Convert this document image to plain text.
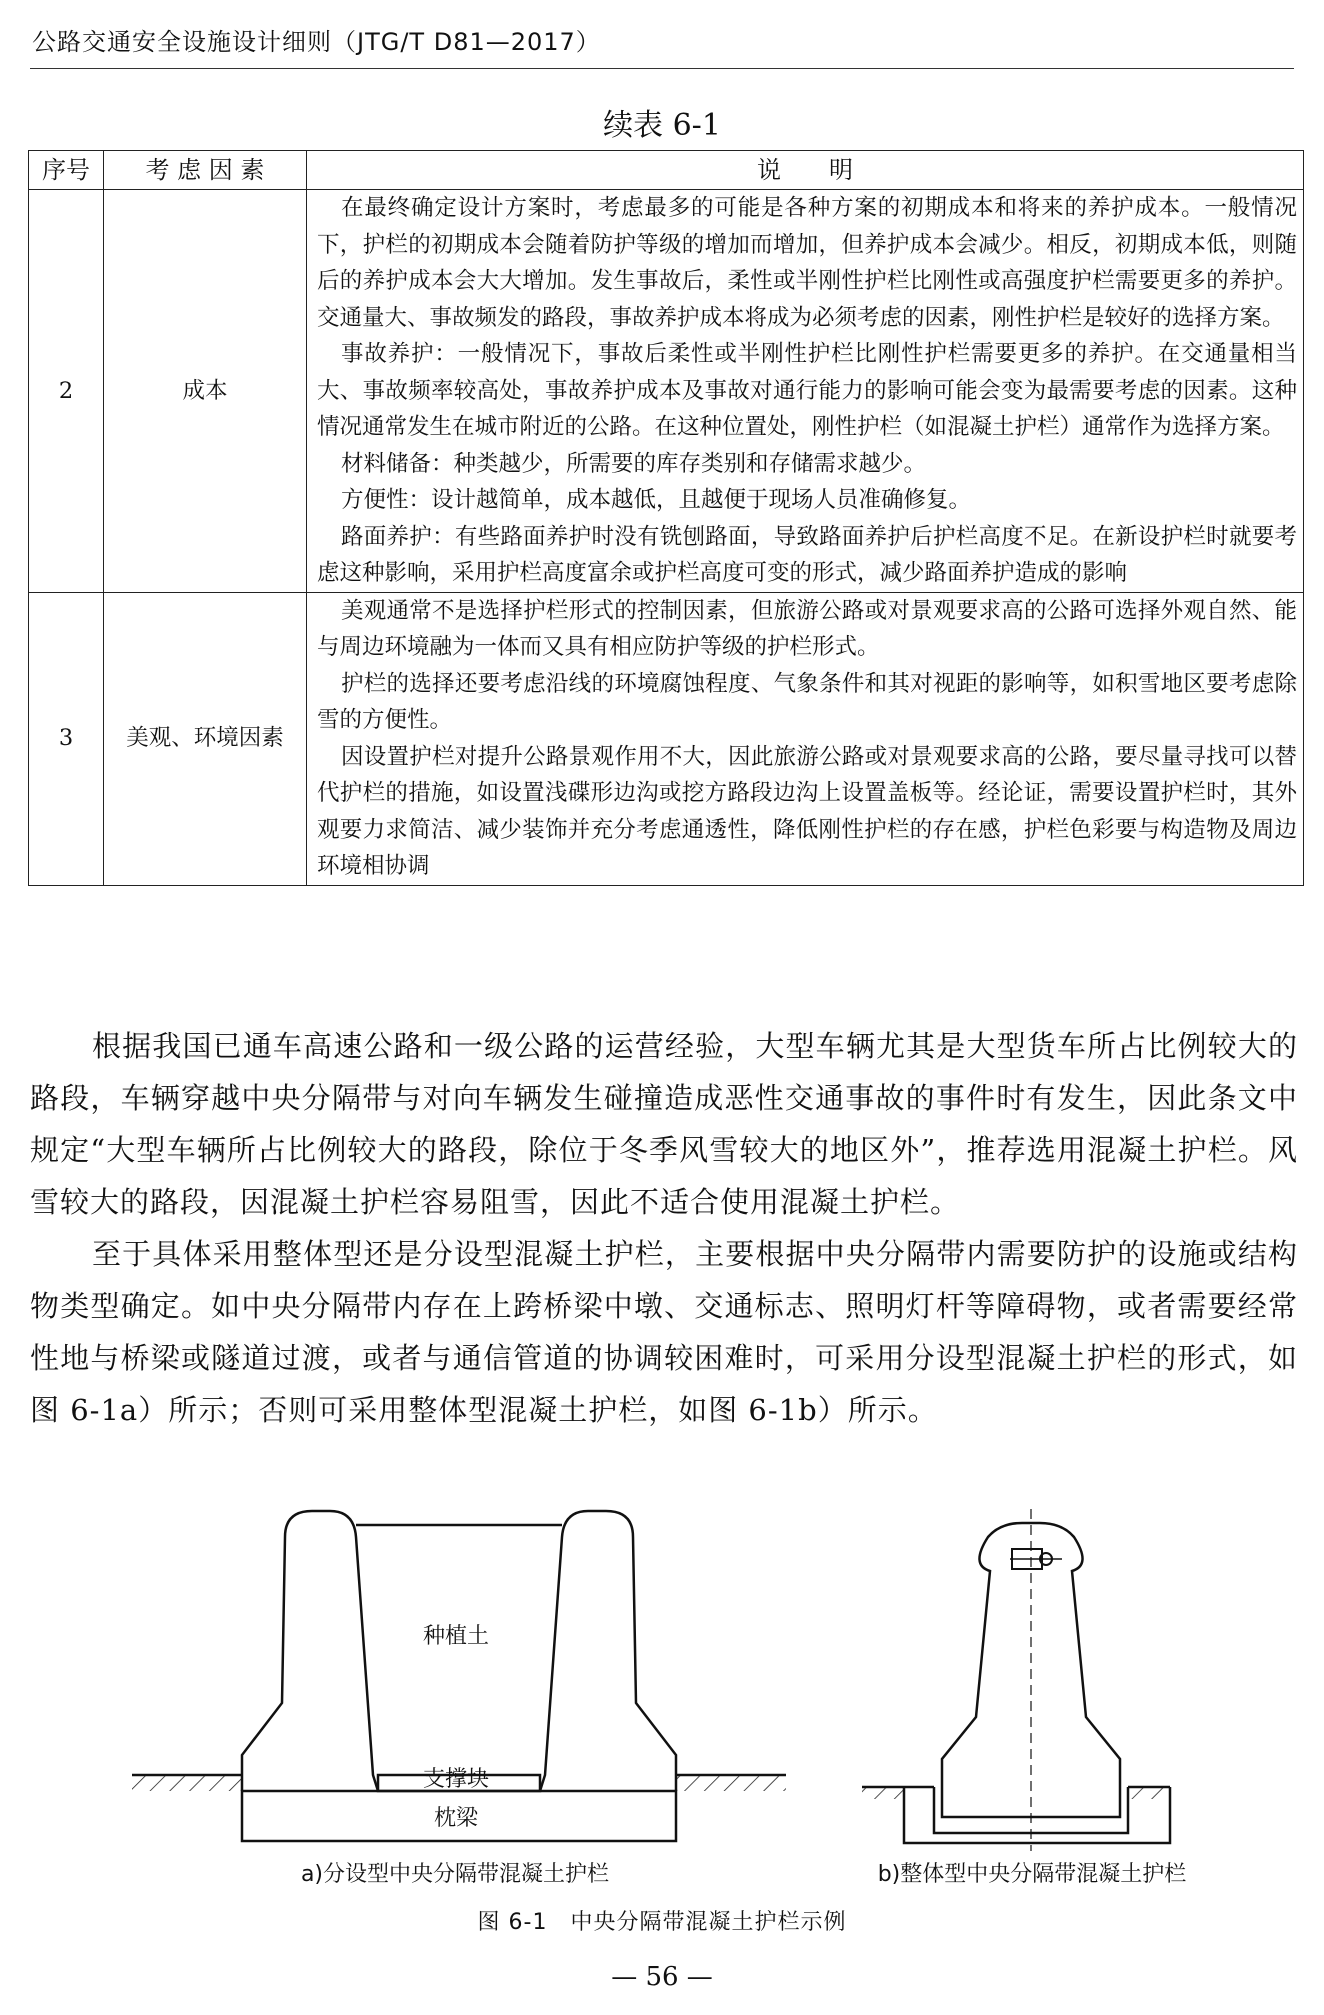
公路交通安全设施设计细则（JTG/T D81—2017）
续表 6-1
序号	考 虑 因 素	说　　明
2	成本	在最终确定设计方案时，考虑最多的可能是各种方案的初期成本和将来的养护成本。一般情况下，护栏的初期成本会随着防护等级的增加而增加，但养护成本会减少。相反，初期成本低，则随后的养护成本会大大增加。发生事故后，柔性或半刚性护栏比刚性或高强度护栏需要更多的养护。交通量大、事故频发的路段，事故养护成本将成为必须考虑的因素，刚性护栏是较好的选择方案。

事故养护：一般情况下，事故后柔性或半刚性护栏比刚性护栏需要更多的养护。在交通量相当大、事故频率较高处，事故养护成本及事故对通行能力的影响可能会变为最需要考虑的因素。这种情况通常发生在城市附近的公路。在这种位置处，刚性护栏（如混凝土护栏）通常作为选择方案。

材料储备：种类越少，所需要的库存类别和存储需求越少。

方便性：设计越简单，成本越低，且越便于现场人员准确修复。

路面养护：有些路面养护时没有铣刨路面，导致路面养护后护栏高度不足。在新设护栏时就要考虑这种影响，采用护栏高度富余或护栏高度可变的形式，减少路面养护造成的影响

3	美观、环境因素	美观通常不是选择护栏形式的控制因素，但旅游公路或对景观要求高的公路可选择外观自然、能与周边环境融为一体而又具有相应防护等级的护栏形式。

护栏的选择还要考虑沿线的环境腐蚀程度、气象条件和其对视距的影响等，如积雪地区要考虑除雪的方便性。

因设置护栏对提升公路景观作用不大，因此旅游公路或对景观要求高的公路，要尽量寻找可以替代护栏的措施，如设置浅碟形边沟或挖方路段边沟上设置盖板等。经论证，需要设置护栏时，其外观要力求简洁、减少装饰并充分考虑通透性，降低刚性护栏的存在感，护栏色彩要与构造物及周边环境相协调

根据我国已通车高速公路和一级公路的运营经验，大型车辆尤其是大型货车所占比例较大的路段，车辆穿越中央分隔带与对向车辆发生碰撞造成恶性交通事故的事件时有发生，因此条文中规定“大型车辆所占比例较大的路段，除位于冬季风雪较大的地区外”，推荐选用混凝土护栏。风雪较大的路段，因混凝土护栏容易阻雪，因此不适合使用混凝土护栏。

至于具体采用整体型还是分设型混凝土护栏，主要根据中央分隔带内需要防护的设施或结构物类型确定。如中央分隔带内存在上跨桥梁中墩、交通标志、照明灯杆等障碍物，或者需要经常性地与桥梁或隧道过渡，或者与通信管道的协调较困难时，可采用分设型混凝土护栏的形式，如图 6-1a）所示；否则可采用整体型混凝土护栏，如图 6-1b）所示。

种植土
支撑块
枕梁
a)分设型中央分隔带混凝土护栏	b)整体型中央分隔带混凝土护栏
图 6-1　中央分隔带混凝土护栏示例
— 56 —
